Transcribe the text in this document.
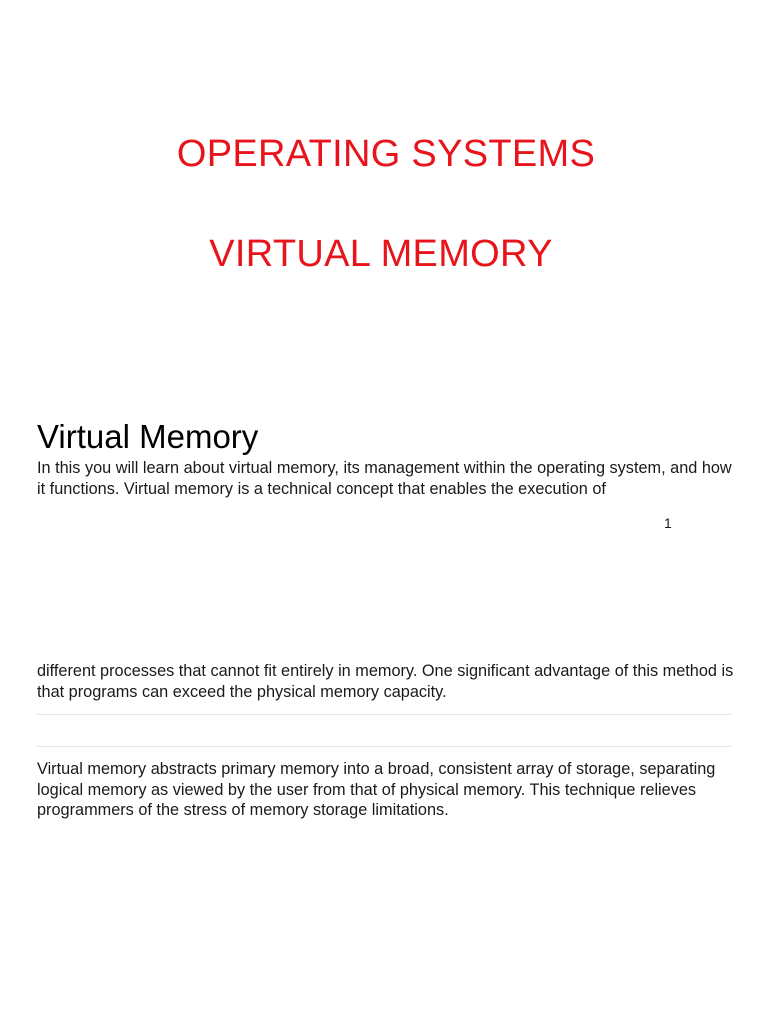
OPERATING SYSTEMS
VIRTUAL MEMORY
Virtual Memory

In this you will learn about virtual memory, its management within the operating system, and how it functions. Virtual memory is a technical concept that enables the execution of

1

different processes that cannot fit entirely in memory. One significant advantage of this method is that programs can exceed the physical memory capacity.

Virtual memory abstracts primary memory into a broad, consistent array of storage, separating logical memory as viewed by the user from that of physical memory. This technique relieves programmers of the stress of memory storage limitations.
